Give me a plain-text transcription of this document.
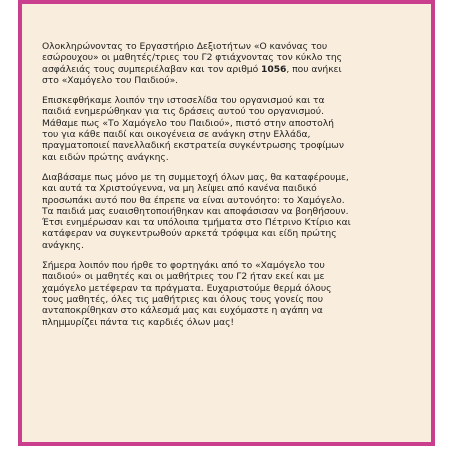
Ολοκληρώνοντας το Εργαστήριο Δεξιοτήτων «Ο κανόνας του
εσώρουχου» οι μαθητές/τριες του Γ2 φτιάχνοντας τον κύκλο της
ασφάλειάς τους συμπεριέλαβαν και τον αριθμό 1056, που ανήκει
στο «Χαμόγελο του Παιδιού».

Επισκεφθήκαμε λοιπόν την ιστοσελίδα του οργανισμού και τα
παιδιά ενημερώθηκαν για τις δράσεις αυτού του οργανισμού.
Μάθαμε πως «Το Χαμόγελο του Παιδιού», πιστό στην αποστολή
του για κάθε παιδί και οικογένεια σε ανάγκη στην Ελλάδα,
πραγματοποιεί πανελλαδική εκστρατεία συγκέντρωσης τροφίμων
και ειδών πρώτης ανάγκης.

Διαβάσαμε πως μόνο με τη συμμετοχή όλων μας, θα καταφέρουμε,
και αυτά τα Χριστούγεννα, να μη λείψει από κανένα παιδικό
προσωπάκι αυτό που θα έπρεπε να είναι αυτονόητο: το Χαμόγελο.
Τα παιδιά μας ευαισθητοποιήθηκαν και αποφάσισαν να βοηθήσουν.
Έτσι ενημέρωσαν και τα υπόλοιπα τμήματα στο Πέτρινο Κτίριο και
κατάφεραν να συγκεντρωθούν αρκετά τρόφιμα και είδη πρώτης
ανάγκης.

Σήμερα λοιπόν που ήρθε το φορτηγάκι από το «Χαμόγελο του
παιδιού» οι μαθητές και οι μαθήτριες του Γ2 ήταν εκεί και με
χαμόγελο μετέφεραν τα πράγματα. Ευχαριστούμε θερμά όλους
τους μαθητές, όλες τις μαθήτριες και όλους τους γονείς που
ανταποκρίθηκαν στο κάλεσμά μας και ευχόμαστε η αγάπη να
πλημμυρίζει πάντα τις καρδιές όλων μας!
